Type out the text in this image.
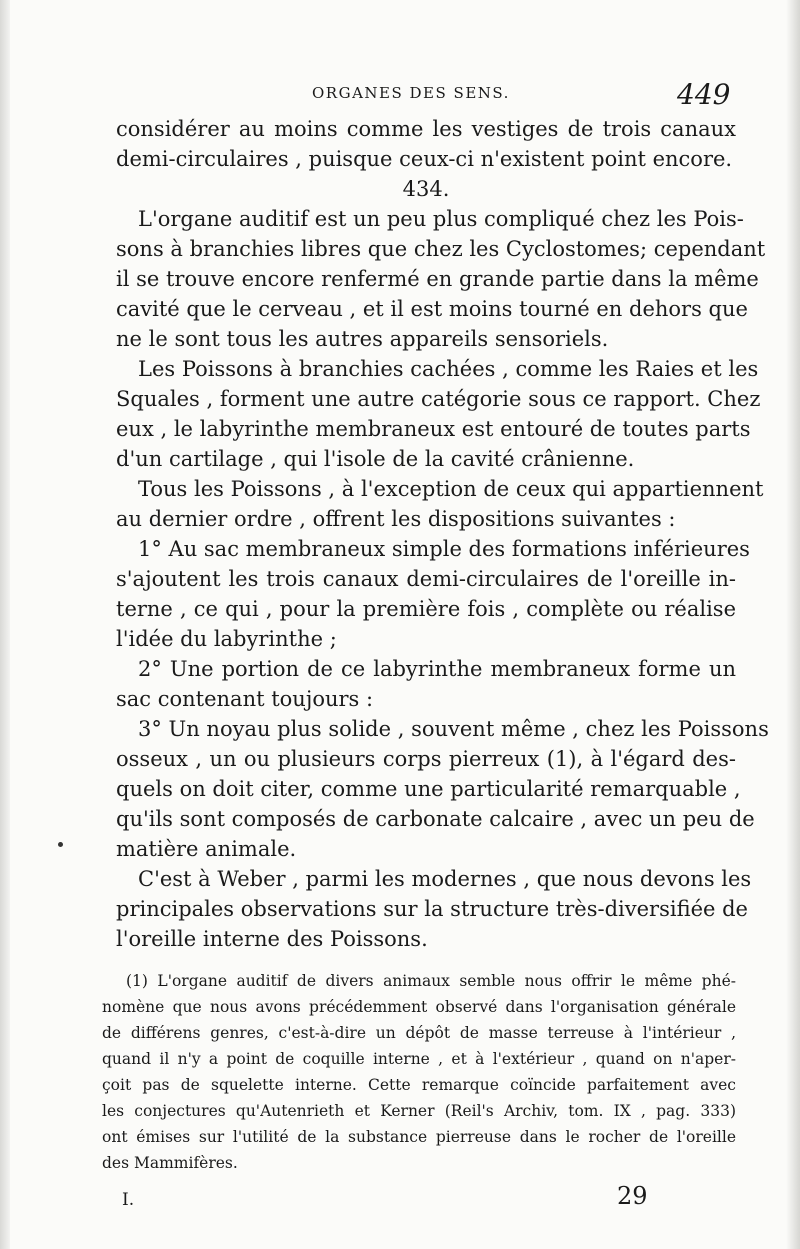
ORGANES DES SENS.	449
considérer au moins comme les vestiges de trois canaux
demi-circulaires , puisque ceux-ci n'existent point encore.
434.
L'organe auditif est un peu plus compliqué chez les Pois-
sons à branchies libres que chez les Cyclostomes; cependant
il se trouve encore renfermé en grande partie dans la même
cavité que le cerveau , et il est moins tourné en dehors que
ne le sont tous les autres appareils sensoriels.
Les Poissons à branchies cachées , comme les Raies et les
Squales , forment une autre catégorie sous ce rapport. Chez
eux , le labyrinthe membraneux est entouré de toutes parts
d'un cartilage , qui l'isole de la cavité crânienne.
Tous les Poissons , à l'exception de ceux qui appartiennent
au dernier ordre , offrent les dispositions suivantes :
1° Au sac membraneux simple des formations inférieures
s'ajoutent les trois canaux demi-circulaires de l'oreille in-
terne , ce qui , pour la première fois , complète ou réalise
l'idée du labyrinthe ;
2° Une portion de ce labyrinthe membraneux forme un
sac contenant toujours :
3° Un noyau plus solide , souvent même , chez les Poissons
osseux , un ou plusieurs corps pierreux (1), à l'égard des-
quels on doit citer, comme une particularité remarquable ,
qu'ils sont composés de carbonate calcaire , avec un peu de
matière animale.
C'est à Weber , parmi les modernes , que nous devons les
principales observations sur la structure très-diversifiée de
l'oreille interne des Poissons.
(1) L'organe auditif de divers animaux semble nous offrir le même phé-
nomène que nous avons précédemment observé dans l'organisation générale
de différens genres, c'est-à-dire un dépôt de masse terreuse à l'intérieur ,
quand il n'y a point de coquille interne , et à l'extérieur , quand on n'aper-
çoit pas de squelette interne. Cette remarque coïncide parfaitement avec
les conjectures qu'Autenrieth et Kerner (Reil's Archiv, tom. IX , pag. 333)
ont émises sur l'utilité de la substance pierreuse dans le rocher de l'oreille
des Mammifères.
I.	29
